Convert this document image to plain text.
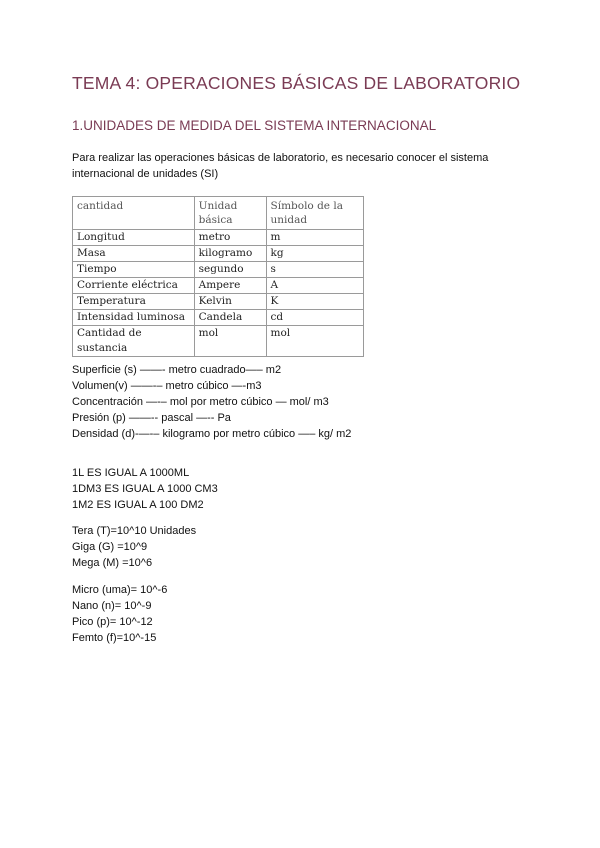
TEMA 4: OPERACIONES BÁSICAS DE LABORATORIO
1.UNIDADES DE MEDIDA DEL SISTEMA INTERNACIONAL

Para realizar las operaciones básicas de laboratorio, es necesario conocer el sistema internacional de unidades (SI)

cantidad	Unidad básica	Símbolo de la unidad
Longitud	metro	m
Masa	kilogramo	kg
Tiempo	segundo	s
Corriente eléctrica	Ampere	A
Temperatura	Kelvin	K
Intensidad luminosa	Candela	cd
Cantidad de sustancia	mol	mol
Superficie (s) ——- metro cuadrado—– m2
Volumen(v) ——-– metro cúbico —-m3
Concentración —-– mol por metro cúbico — mol/ m3
Presión (p) ——-- pascal —-- Pa
Densidad (d)-—-– kilogramo por metro cúbico —– kg/ m2
1L ES IGUAL A 1000ML
1DM3 ES IGUAL A 1000 CM3
1M2 ES IGUAL A 100 DM2
Tera (T)=10^10 Unidades
Giga (G) =10^9
Mega (M) =10^6
Micro (uma)= 10^-6
Nano (n)= 10^-9
Pico (p)= 10^-12
Femto (f)=10^-15
